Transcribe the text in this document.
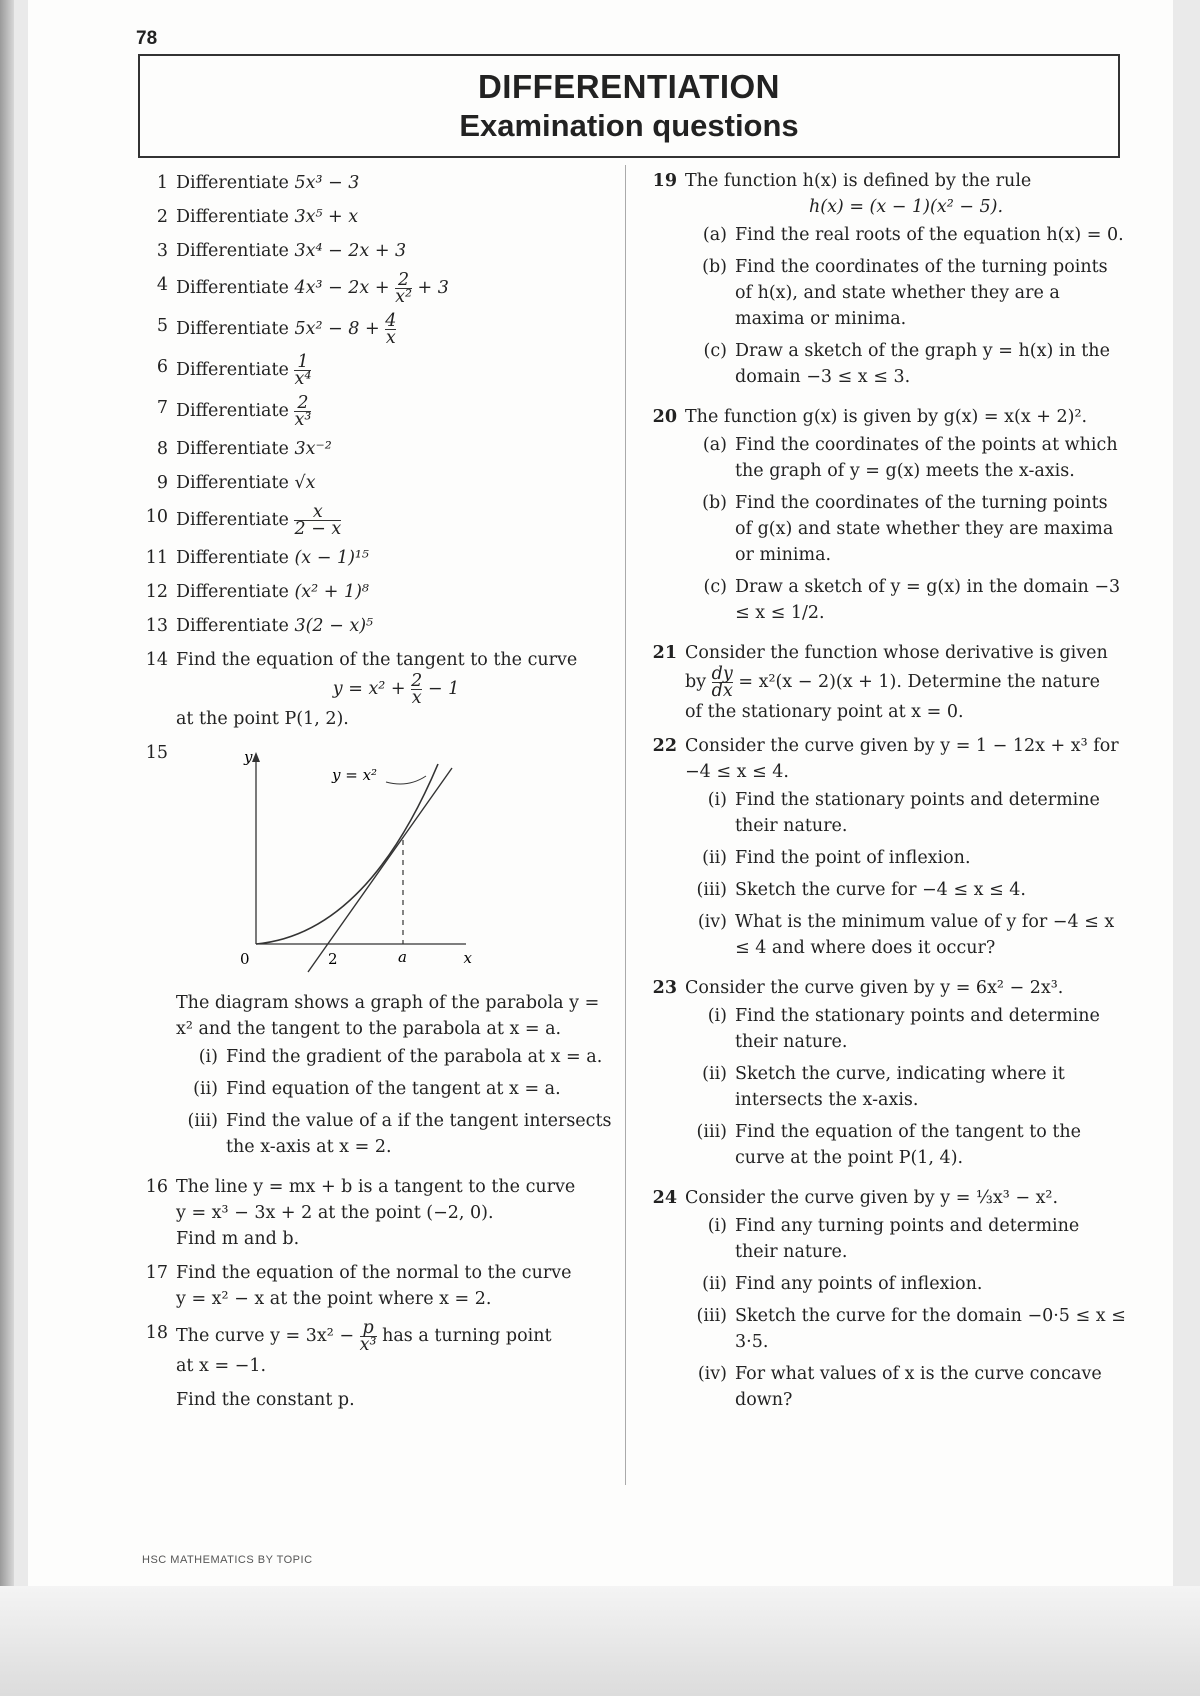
78
DIFFERENTIATION
Examination questions
1 Differentiate 5x³ − 3
2 Differentiate 3x⁵ + x
3 Differentiate 3x⁴ − 2x + 3
4 Differentiate $4x^3 - 2x + \frac{2}{\text{x²}} + 3$
5 Differentiate $5x^2 - 8 + \frac{4}{x}$
6 Differentiate $\frac{1}{\text{x⁴}}$
7 Differentiate $\frac{2}{\text{x³}}$
8 Differentiate 3x⁻²
9 Differentiate √x
10 Differentiate $\frac{x}{2 - x}$
11 Differentiate (x − 1)¹⁵
12 Differentiate (x² + 1)⁸
13 Differentiate 3(2 − x)⁵
14 Find the equation of the tangent to the curve
$y = x^2 + \frac{2}{x} - 1$
at the point P(1, 2).
15	y
x
0	2	a
y = x²
The diagram shows a graph of the parabola y = x² and the tangent to the parabola at x = a.
(i) Find the gradient of the parabola at x = a.
(ii) Find equation of the tangent at x = a.
(iii) Find the value of a if the tangent intersects the x-axis at x = 2.
16 The line y = mx + b is a tangent to the curve
y = x³ − 3x + 2 at the point (−2, 0).
Find m and b.
17 Find the equation of the normal to the curve
y = x² − x at the point where x = 2.
18 The curve $y = 3x^2 - \frac{p}{\text{x³}}$ has a turning point
at x = −1.
Find the constant p.
19 The function h(x) is defined by the rule
h(x) = (x − 1)(x² − 5).
(a) Find the real roots of the equation h(x) = 0.
(b) Find the coordinates of the turning points of h(x), and state whether they are a maxima or minima.
(c) Draw a sketch of the graph y = h(x) in the domain −3 ≤ x ≤ 3.
20 The function g(x) is given by g(x) = x(x + 2)².
(a) Find the coordinates of the points at which the graph of y = g(x) meets the x-axis.
(b) Find the coordinates of the turning points of g(x) and state whether they are maxima or minima.
(c) Draw a sketch of y = g(x) in the domain −3 ≤ x ≤ 1/2.
21 Consider the function whose derivative is given
by $\frac{dy}{dx} = x^2(x - 2)(x + 1)$. Determine the nature
of the stationary point at x = 0.
22 Consider the curve given by y = 1 − 12x + x³ for −4 ≤ x ≤ 4.
(i) Find the stationary points and determine their nature.
(ii) Find the point of inflexion.
(iii) Sketch the curve for −4 ≤ x ≤ 4.
(iv) What is the minimum value of y for −4 ≤ x ≤ 4 and where does it occur?
23 Consider the curve given by y = 6x² − 2x³.
(i) Find the stationary points and determine their nature.
(ii) Sketch the curve, indicating where it intersects the x-axis.
(iii) Find the equation of the tangent to the curve at the point P(1, 4).
24 Consider the curve given by y = ⅓x³ − x².
(i) Find any turning points and determine their nature.
(ii) Find any points of inflexion.
(iii) Sketch the curve for the domain −0·5 ≤ x ≤ 3·5.
(iv) For what values of x is the curve concave down?
HSC MATHEMATICS BY TOPIC
